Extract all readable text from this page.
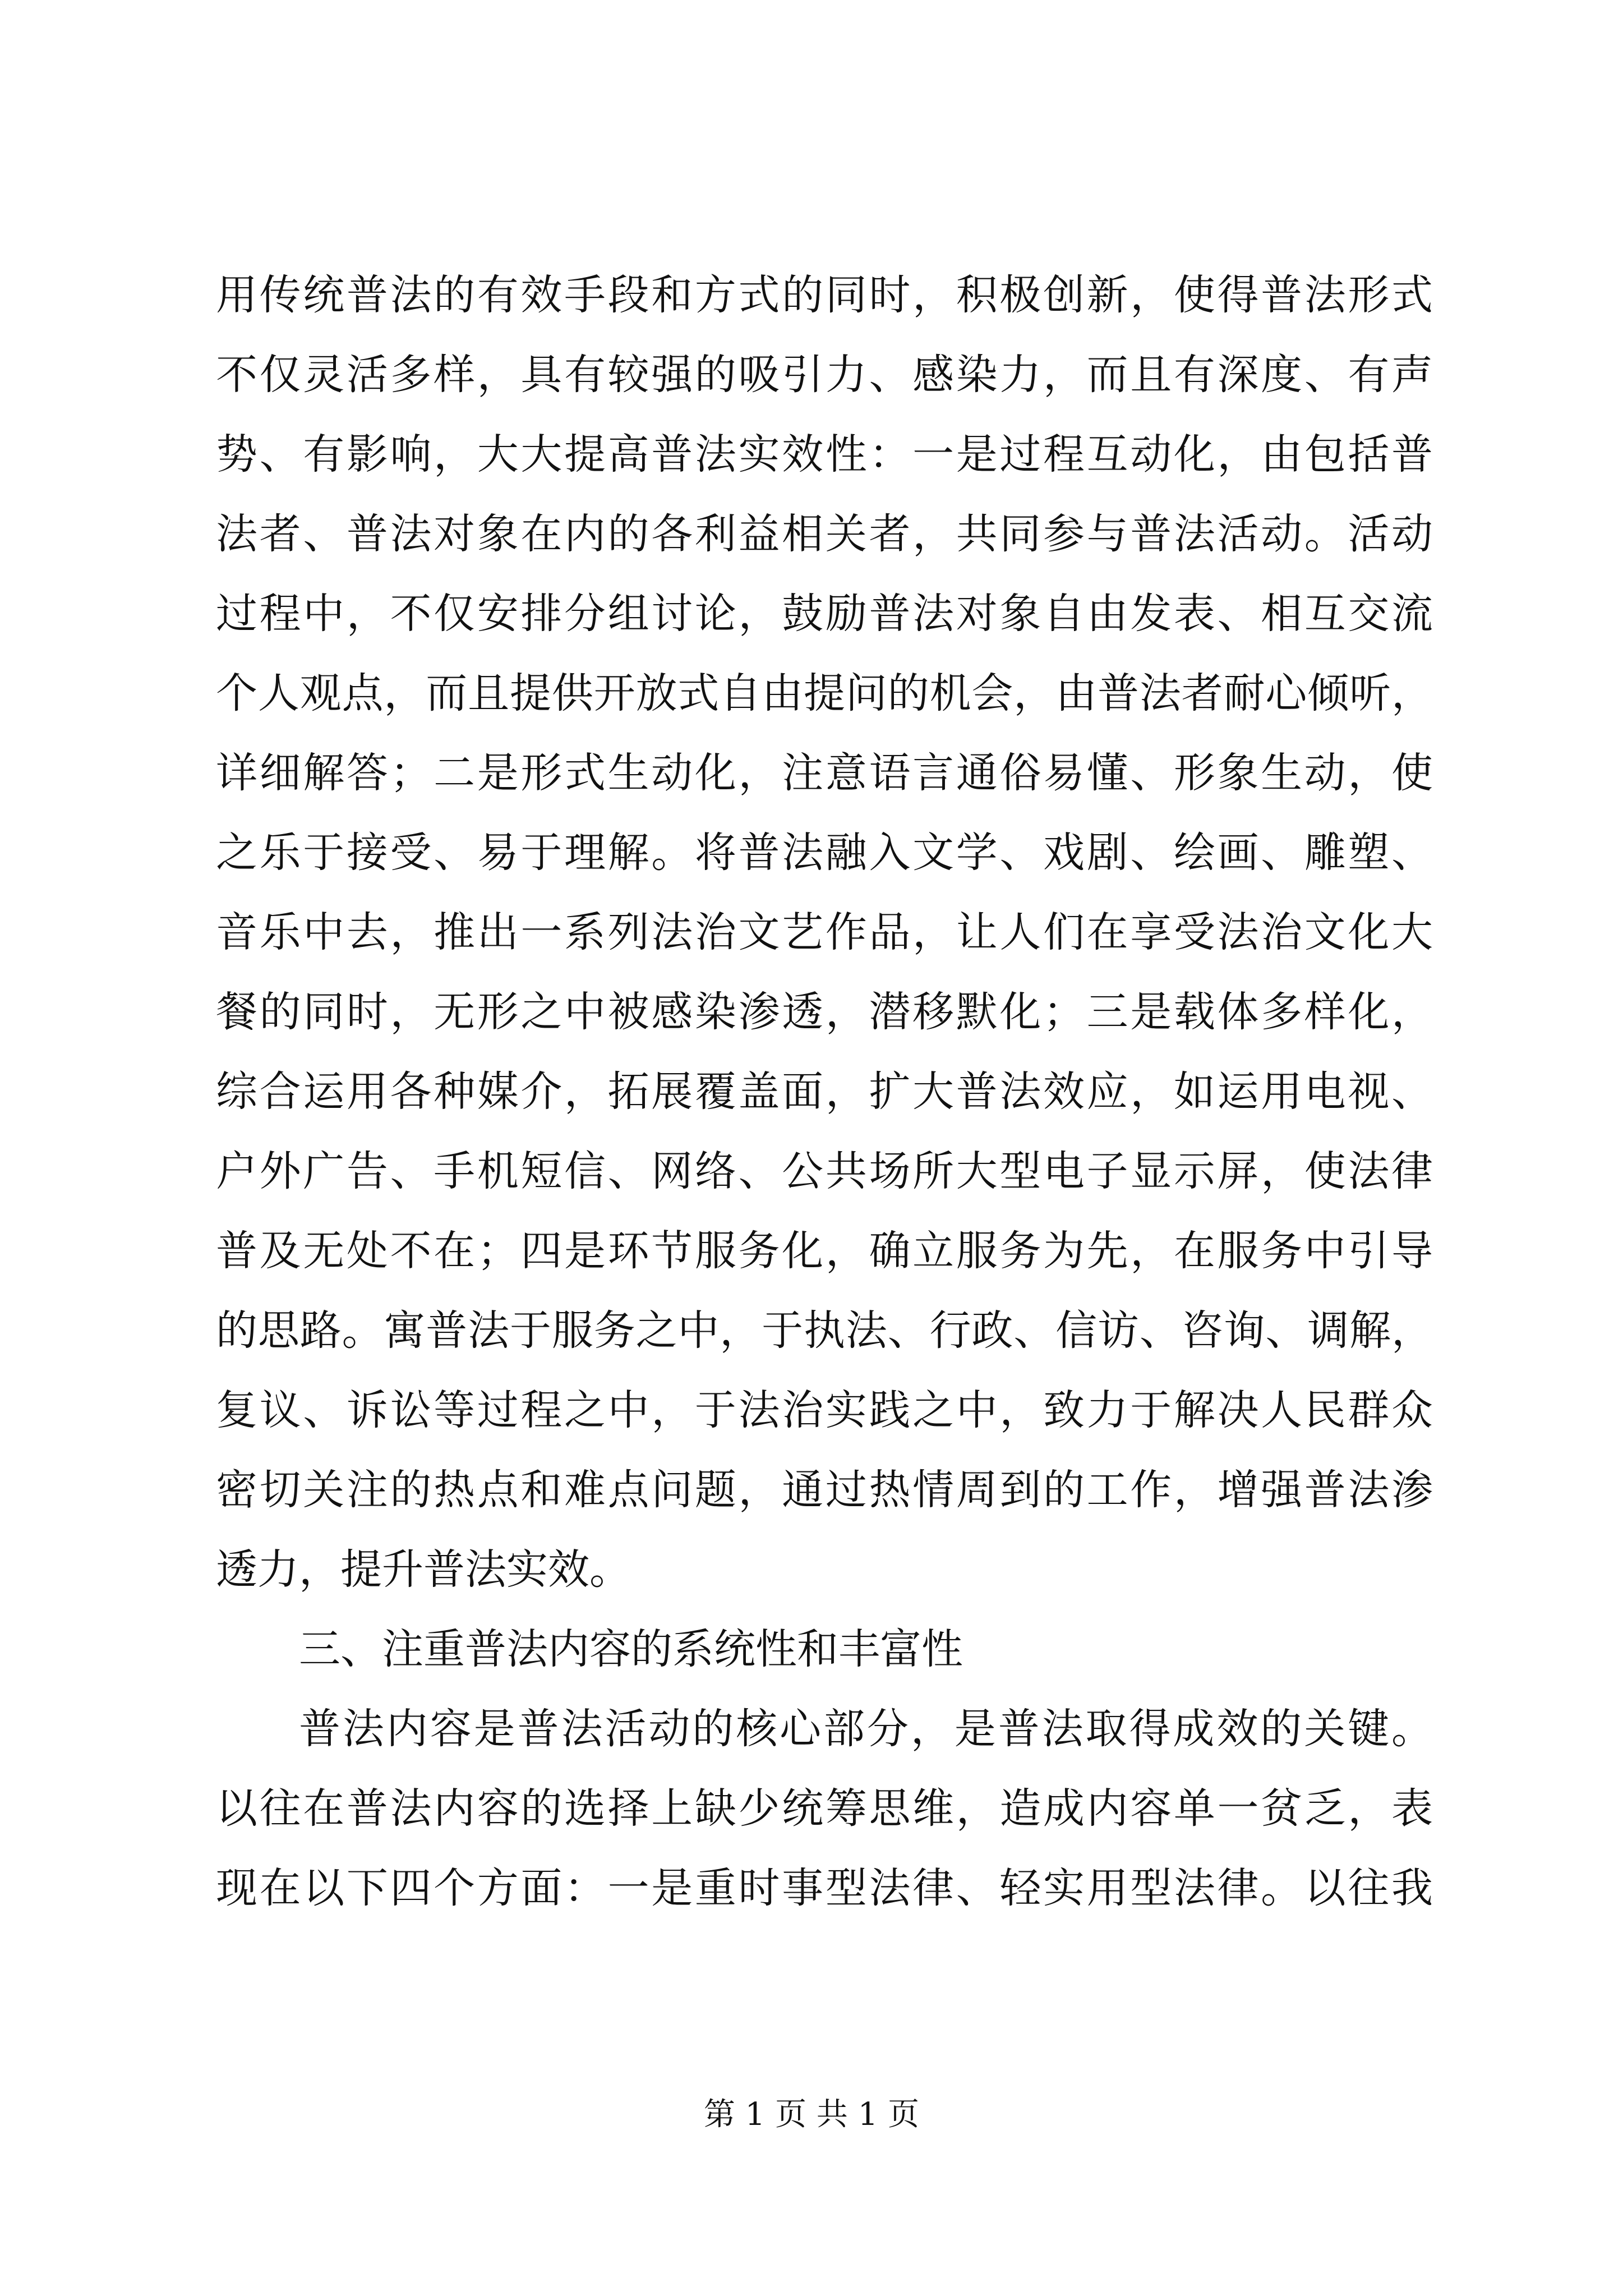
用传统普法的有效手段和方式的同时，积极创新，使得普法形式
不仅灵活多样，具有较强的吸引力、感染力，而且有深度、有声
势、有影响，大大提高普法实效性：一是过程互动化，由包括普
法者、普法对象在内的各利益相关者，共同参与普法活动。活动
过程中，不仅安排分组讨论，鼓励普法对象自由发表、相互交流
个人观点，而且提供开放式自由提问的机会，由普法者耐心倾听，
详细解答；二是形式生动化，注意语言通俗易懂、形象生动，使
之乐于接受、易于理解。将普法融入文学、戏剧、绘画、雕塑、
音乐中去，推出一系列法治文艺作品，让人们在享受法治文化大
餐的同时，无形之中被感染渗透，潜移默化；三是载体多样化，
综合运用各种媒介，拓展覆盖面，扩大普法效应，如运用电视、
户外广告、手机短信、网络、公共场所大型电子显示屏，使法律
普及无处不在；四是环节服务化，确立服务为先，在服务中引导
的思路。寓普法于服务之中，于执法、行政、信访、咨询、调解，
复议、诉讼等过程之中，于法治实践之中，致力于解决人民群众
密切关注的热点和难点问题，通过热情周到的工作，增强普法渗
透力，提升普法实效。
三、注重普法内容的系统性和丰富性
普法内容是普法活动的核心部分，是普法取得成效的关键。
以往在普法内容的选择上缺少统筹思维，造成内容单一贫乏，表
现在以下四个方面：一是重时事型法律、轻实用型法律。以往我
第 1 页 共 1 页
